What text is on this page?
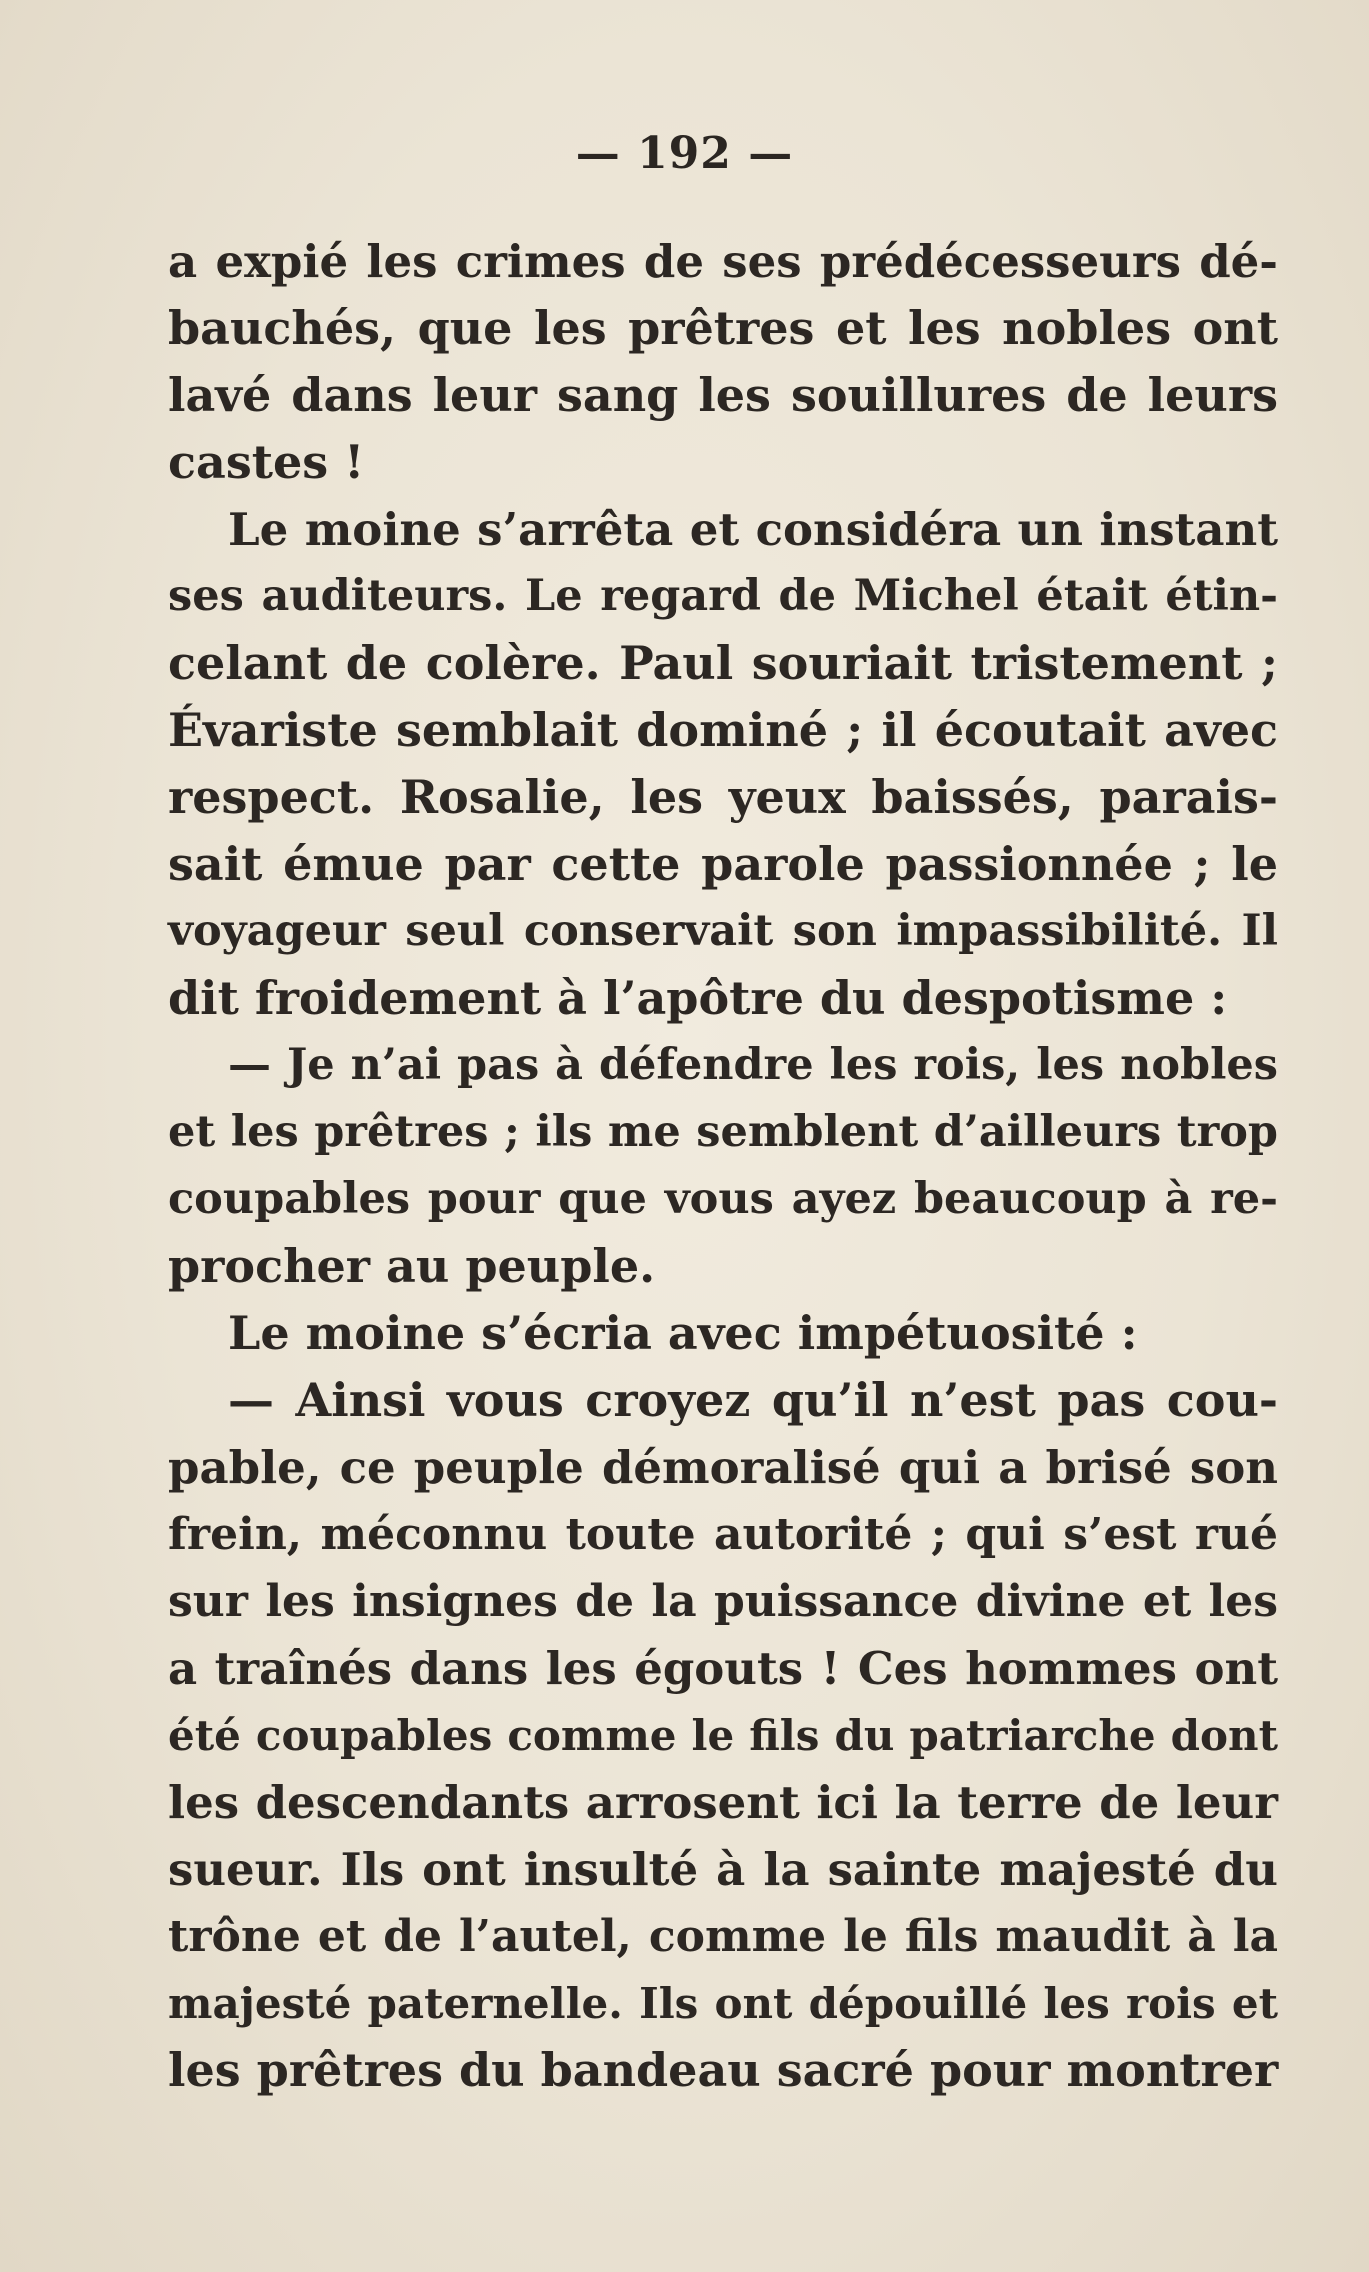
— 192 —
a expié les crimes de ses prédécesseurs dé-
bauchés, que les prêtres et les nobles ont
lavé dans leur sang les souillures de leurs
castes !
Le moine s’arrêta et considéra un instant
ses auditeurs. Le regard de Michel était étin-
celant de colère. Paul souriait tristement ;
Évariste semblait dominé ; il écoutait avec
respect. Rosalie, les yeux baissés, parais-
sait émue par cette parole passionnée ; le
voyageur seul conservait son impassibilité. Il
dit froidement à l’apôtre du despotisme :
— Je n’ai pas à défendre les rois, les nobles
et les prêtres ; ils me semblent d’ailleurs trop
coupables pour que vous ayez beaucoup à re-
procher au peuple.
Le moine s’écria avec impétuosité :
— Ainsi vous croyez qu’il n’est pas cou-
pable, ce peuple démoralisé qui a brisé son
frein, méconnu toute autorité ; qui s’est rué
sur les insignes de la puissance divine et les
a traînés dans les égouts ! Ces hommes ont
été coupables comme le fils du patriarche dont
les descendants arrosent ici la terre de leur
sueur. Ils ont insulté à la sainte majesté du
trône et de l’autel, comme le fils maudit à la
majesté paternelle. Ils ont dépouillé les rois et
les prêtres du bandeau sacré pour montrer
